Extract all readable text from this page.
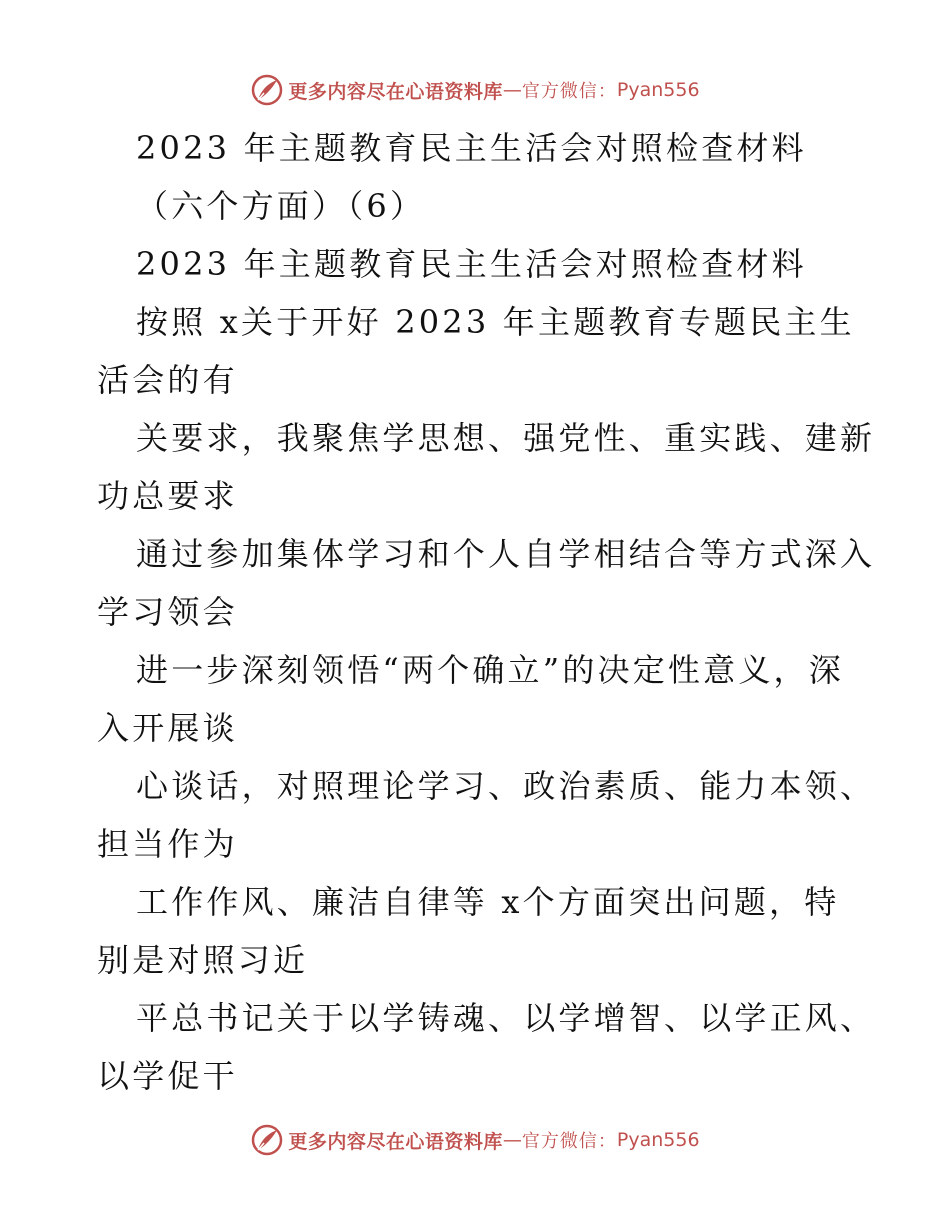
更多内容尽在心语资料库 — 官方微信： Pyan556
2023 年主题教育民主生活会对照检查材料
（六个方面）（6）
2023 年主题教育民主生活会对照检查材料
按照 x关于开好 2023 年主题教育专题民主生
活会的有
关要求，我聚焦学思想、强党性、重实践、建新
功总要求
通过参加集体学习和个人自学相结合等方式深入
学习领会
进一步深刻领悟“两个确立”的决定性意义，深
入开展谈
心谈话，对照理论学习、政治素质、能力本领、
担当作为
工作作风、廉洁自律等 x个方面突出问题，特
别是对照习近
平总书记关于以学铸魂、以学增智、以学正风、
以学促干
更多内容尽在心语资料库 — 官方微信： Pyan556
